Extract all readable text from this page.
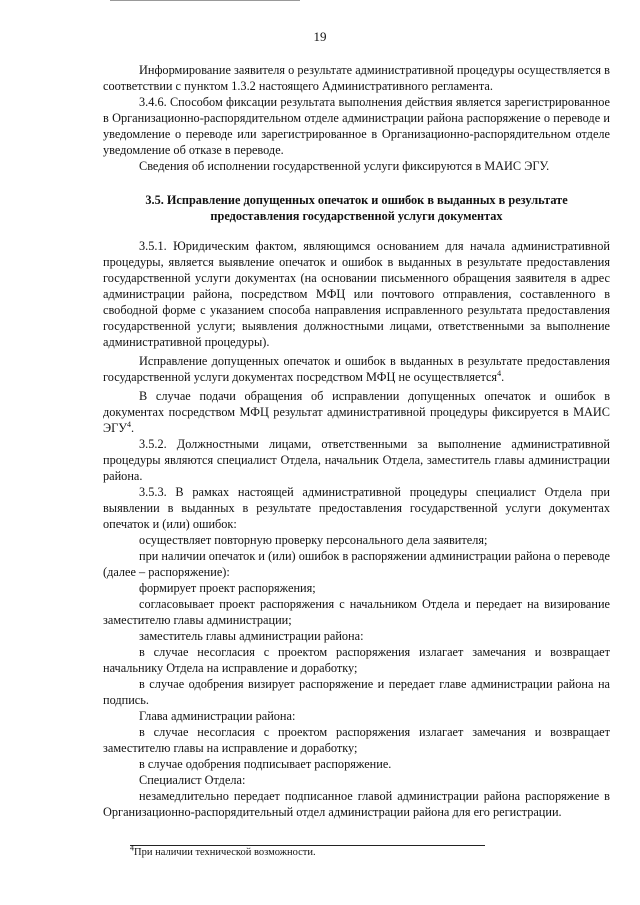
19

Информирование заявителя о результате административной процедуры осуществляется в соответствии с пунктом 1.3.2 настоящего Административного регламента.

3.4.6. Способом фиксации результата выполнения действия является зарегистрированное в Организационно-распорядительном отделе администрации района распоряжение о переводе и уведомление о переводе или зарегистрированное в Организационно-распорядительном отделе уведомление об отказе в переводе.

Сведения об исполнении государственной услуги фиксируются в МАИС ЭГУ.

3.5. Исправление допущенных опечаток и ошибок в выданных в результате предоставления государственной услуги документах

3.5.1. Юридическим фактом, являющимся основанием для начала административной процедуры, является выявление опечаток и ошибок в выданных в результате предоставления государственной услуги документах (на основании письменного обращения заявителя в адрес администрации района, посредством МФЦ или почтового отправления, составленного в свободной форме с указанием способа направления исправленного результата предоставления государственной услуги; выявления должностными лицами, ответственными за выполнение административной процедуры).

Исправление допущенных опечаток и ошибок в выданных в результате предоставления государственной услуги документах посредством МФЦ не осуществляется$^4$.

В случае подачи обращения об исправлении допущенных опечаток и ошибок в документах посредством МФЦ результат административной процедуры фиксируется в МАИС ЭГУ$^4$.

3.5.2. Должностными лицами, ответственными за выполнение административной процедуры являются специалист Отдела, начальник Отдела, заместитель главы администрации района.

3.5.3. В рамках настоящей административной процедуры специалист Отдела при выявлении в выданных в результате предоставления государственной услуги документах опечаток и (или) ошибок:

осуществляет повторную проверку персонального дела заявителя;

при наличии опечаток и (или) ошибок в распоряжении администрации района о переводе (далее – распоряжение):

формирует проект распоряжения;

согласовывает проект распоряжения с начальником Отдела и передает на визирование заместителю главы администрации;

заместитель главы администрации района:

в случае несогласия с проектом распоряжения излагает замечания и возвращает начальнику Отдела на исправление и доработку;

в случае одобрения визирует распоряжение и передает главе администрации района на подпись.

Глава администрации района:

в случае несогласия с проектом распоряжения излагает замечания и возвращает заместителю главы на исправление и доработку;

в случае одобрения подписывает распоряжение.

Специалист Отдела:

незамедлительно передает подписанное главой администрации района распоряжение в Организационно-распорядительный отдел администрации района для его регистрации.

$^4$При наличии технической возможности.
